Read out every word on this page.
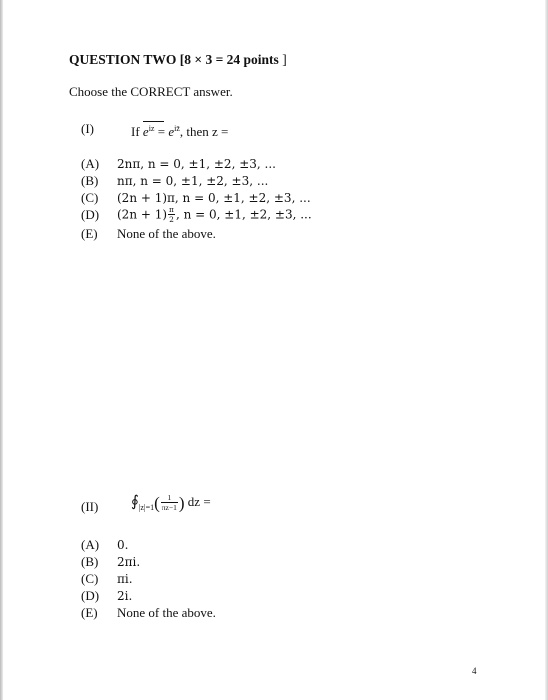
QUESTION TWO [8 × 3 = 24 points ]
Choose the CORRECT answer.
(I)	If
$e^{iz} = e^{iz̄}$, then z =
(A) 2nπ, n = 0, ±1, ±2, ±3, ...
(B) nπ, n = 0, ±1, ±2, ±3, ...
(C) (2n + 1)π, n = 0, ±1, ±2, ±3, ...
(D) $(2n + 1) \frac{\pi}{2}$ , n = 0, ±1, ±2, ±3, ...
(E) None of the above.
(II) $∮_{|z|=1}( \frac{1}{\pi z-1}$ ) dz =
(A) 0.
(B) 2πi.
(C) πi.
(D) 2i.
(E) None of the above.
4
